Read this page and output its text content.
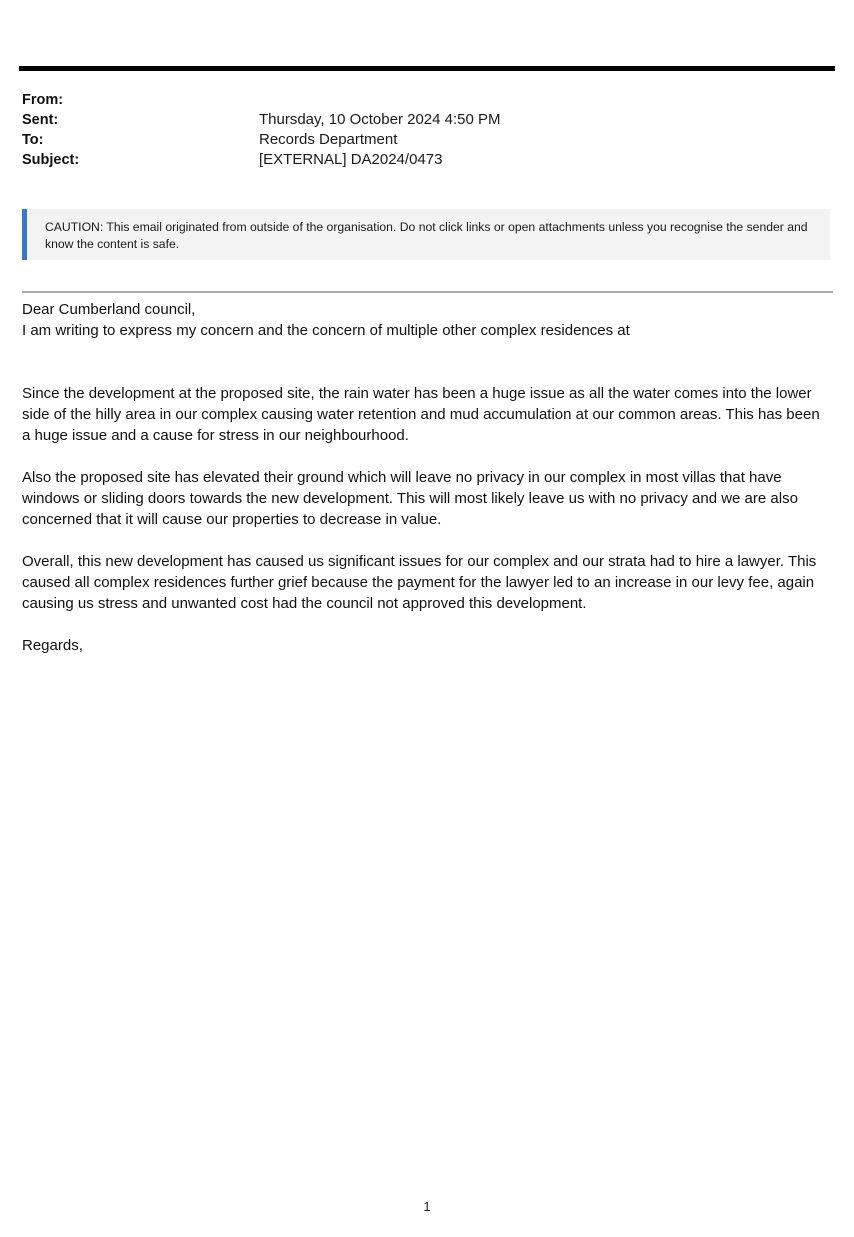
From:
Sent:	Thursday, 10 October 2024 4:50 PM
To:	Records Department
Subject:	[EXTERNAL] DA2024/0473
CAUTION: This email originated from outside of the organisation. Do not click links or open attachments unless you recognise the sender and know the content is safe.

Dear Cumberland council,

I am writing to express my concern and the concern of multiple other complex residences at

Since the development at the proposed site, the rain water has been a huge issue as all the water comes into the lower side of the hilly area in our complex causing water retention and mud accumulation at our common areas. This has been a huge issue and a cause for stress in our neighbourhood.

Also the proposed site has elevated their ground which will leave no privacy in our complex in most villas that have windows or sliding doors towards the new development. This will most likely leave us with no privacy and we are also concerned that it will cause our properties to decrease in value.

Overall, this new development has caused us significant issues for our complex and our strata had to hire a lawyer. This caused all complex residences further grief because the payment for the lawyer led to an increase in our levy fee, again causing us stress and unwanted cost had the council not approved this development.

Regards,

1
